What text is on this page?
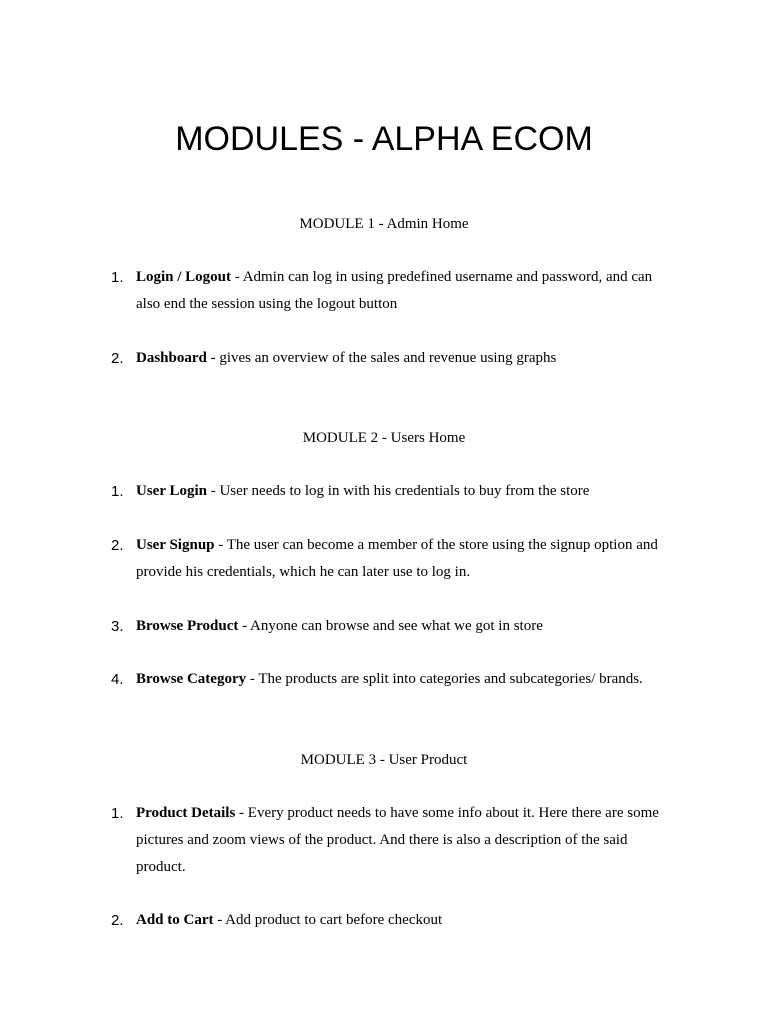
MODULES - ALPHA ECOM
MODULE 1 - Admin Home
1. Login / Logout - Admin can log in using predefined username and password, and can also end the session using the logout button
2. Dashboard - gives an overview of the sales and revenue using graphs
MODULE 2 - Users Home
1. User Login - User needs to log in with his credentials to buy from the store
2. User Signup - The user can become a member of the store using the signup option and provide his credentials, which he can later use to log in.
3. Browse Product - Anyone can browse and see what we got in store
4. Browse Category - The products are split into categories and subcategories/ brands.
MODULE 3 - User Product
1. Product Details - Every product needs to have some info about it. Here there are some pictures and zoom views of the product. And there is also a description of the said product.
2. Add to Cart - Add product to cart before checkout
